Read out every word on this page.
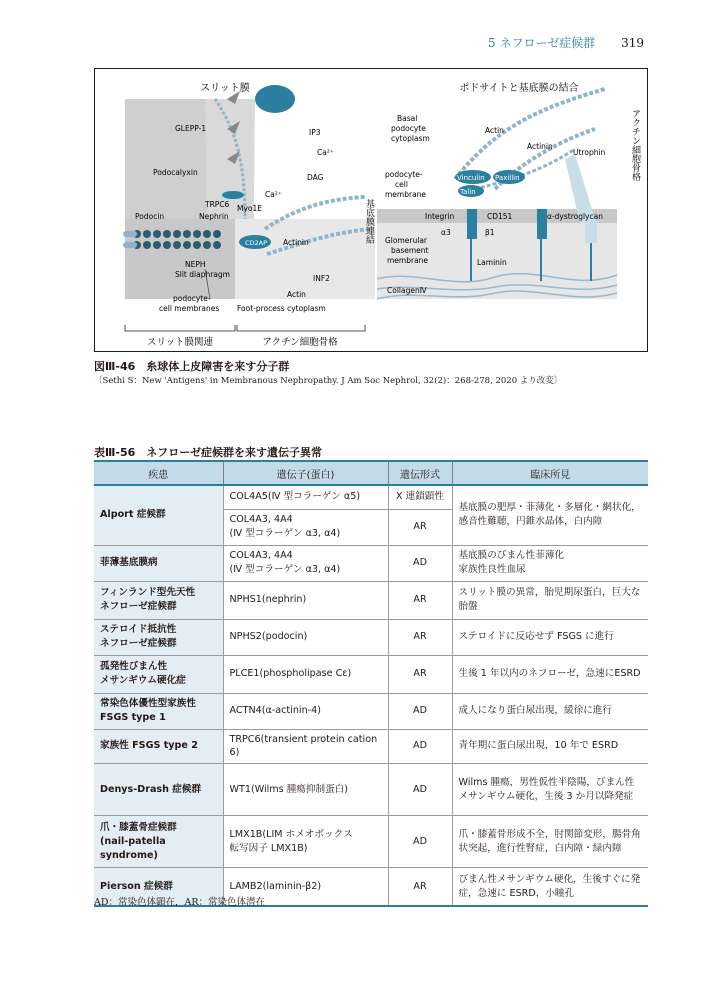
5 ネフローゼ症候群 319
スリット膜
GLEPP-1
Podocalyxin
PLCε1
IP3
Ca²⁺
DAG
TRPC6
Ca²⁺
Podocin	Nephrin
Myo1E
CD2AP Actinin
NEPH
Slit diaphragm	INF2
Actin
Foot-process cytoplasm
podocyte-
cell membranes
スリット膜関連	アクチン細胞骨格
ポドサイトと基底膜の結合
Basal
podocyte
cytoplasm
Actin
Actinin
Utrophin
podocyte-
cell
membrane
Vinculin Paxillin
Talin
Integrin	CD151	α-dystroglycan
α3	β1
Glomerular
basement
membrane	Laminin
CollagenⅣ
基底膜連結
アクチン細胞骨格
図Ⅲ-46　糸球体上皮障害を来す分子群
〔Sethi S：New 'Antigens' in Membranous Nephropathy. J Am Soc Nephrol, 32(2)：268-278, 2020 より改変〕
表Ⅲ-56　ネフローゼ症候群を来す遺伝子異常
疾患	遺伝子(蛋白)	遺伝形式	臨床所見
Alport 症候群	COL4A5(Ⅳ 型コラーゲン α5)	X 連鎖顕性	基底膜の肥厚・菲薄化・多層化・網状化，感音性難聴，円錐水晶体，白内障
	COL4A3, 4A4
(Ⅳ 型コラーゲン α3, α4)	AR	
菲薄基底膜病	COL4A3, 4A4
(Ⅳ 型コラーゲン α3, α4)	AD	基底膜のびまん性菲薄化
家族性良性血尿
フィンランド型先天性
ネフローゼ症候群	NPHS1(nephrin)	AR	スリット膜の異常，胎児期尿蛋白，巨大な胎盤
ステロイド抵抗性
ネフローゼ症候群	NPHS2(podocin)	AR	ステロイドに反応せず FSGS に進行
孤発性びまん性
メサンギウム硬化症	PLCE1(phospholipase Cε)	AR	生後 1 年以内のネフローゼ，急速にESRD
常染色体優性型家族性
FSGS type 1	ACTN4(α-actinin-4)	AD	成人になり蛋白尿出現，緩徐に進行
家族性 FSGS type 2	TRPC6(transient protein cation 6)	AD	青年期に蛋白尿出現，10 年で ESRD
Denys-Drash 症候群	WT1(Wilms 腫瘍抑制蛋白)	AD	Wilms 腫瘍，男性仮性半陰陽，びまん性メサンギウム硬化，生後 3 か月以降発症
爪・膝蓋骨症候群
(nail-patella syndrome)	LMX1B(LIM ホメオボックス
転写因子 LMX1B)	AD	爪・膝蓋骨形成不全，肘関節変形，腸骨角状突起，進行性腎症，白内障・緑内障
Pierson 症候群	LAMB2(laminin-β2)	AR	びまん性メサンギウム硬化，生後すぐに発症，急速に ESRD，小瞳孔
AD：常染色体顕在，AR：常染色体潜在
